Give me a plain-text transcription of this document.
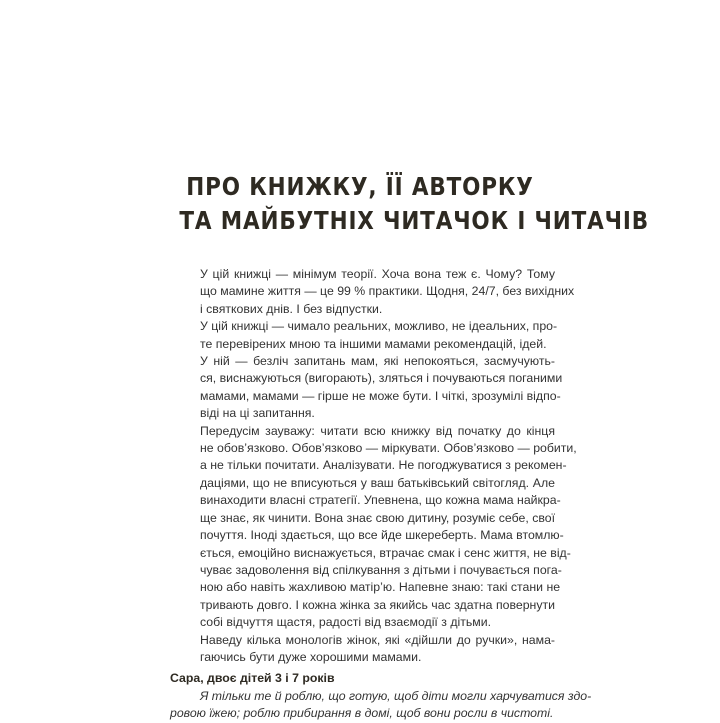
ПРО КНИЖКУ, ЇЇ АВТОРКУ
ТА МАЙБУТНІХ ЧИТАЧОК І ЧИТАЧІВ

У цій книжці — мінімум теорії. Хоча вона теж є. Чому? Тому
що мамине життя — це 99 % практики. Щодня, 24/7, без вихідних
і святкових днів. І без відпустки.

У цій книжці — чимало реальних, можливо, не ідеальних, про-
те перевірених мною та іншими мамами рекомендацій, ідей.

У ній — безліч запитань мам, які непокояться, засмучують-
ся, виснажуються (вигорають), зляться і почуваються поганими
мамами, мамами — гірше не може бути. І чіткі, зрозумілі відпо-
віді на ці запитання.

Передусім зауважу: читати всю книжку від початку до кінця
не обов’язково. Обов’язково — міркувати. Обов’язково — робити,
а не тільки почитати. Аналізувати. Не погоджуватися з рекомен-
даціями, що не вписуються у ваш батьківський світогляд. Але
винаходити власні стратегії. Упевнена, що кожна мама найкра-
ще знає, як чинити. Вона знає свою дитину, розуміє себе, свої
почуття. Іноді здається, що все йде шкереберть. Мама втомлю-
ється, емоційно виснажується, втрачає смак і сенс життя, не від-
чуває задоволення від спілкування з дітьми і почувається пога-
ною або навіть жахливою матір’ю. Напевне знаю: такі стани не
тривають довго. І кожна жінка за якийсь час здатна повернути
собі відчуття щастя, радості від взаємодії з дітьми.

Наведу кілька монологів жінок, які «дійшли до ручки», нама-
гаючись бути дуже хорошими мамами.

Сара, двоє дітей 3 і 7 років
Я тільки те й роблю, що готую, щоб діти могли харчуватися здо-
ровою їжею; роблю прибирання в домі, щоб вони росли в чистоті.
